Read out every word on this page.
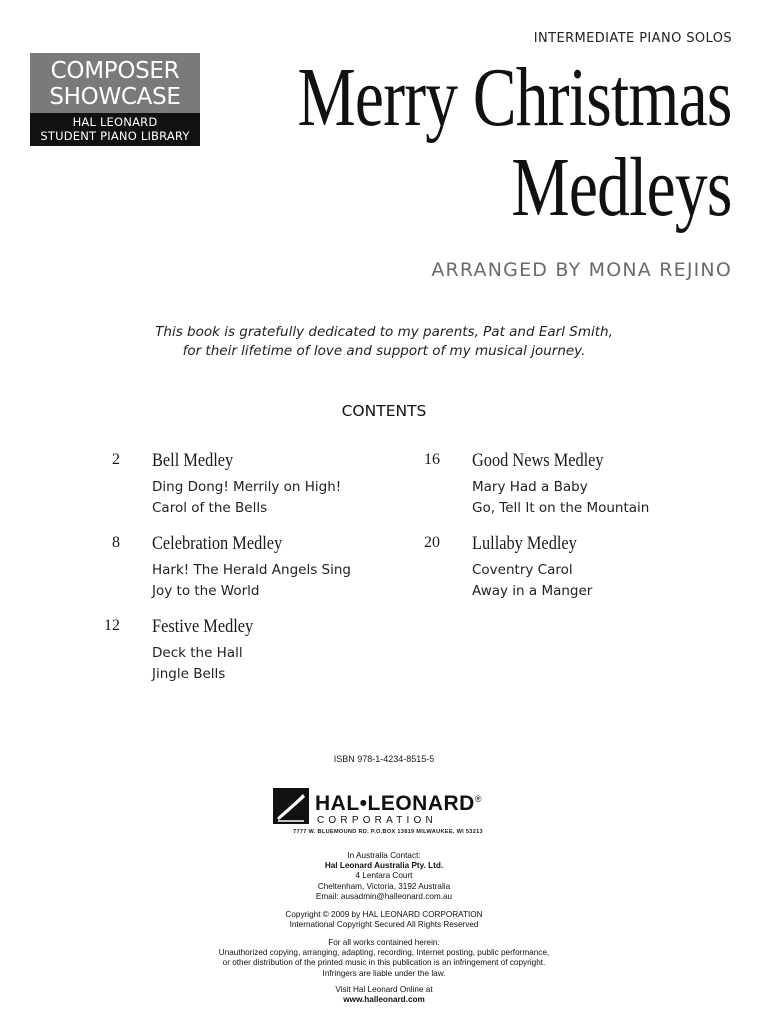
INTERMEDIATE PIANO SOLOS
COMPOSER
SHOWCASE
HAL LEONARD
STUDENT PIANO LIBRARY Merry Christmas
Medleys
ARRANGED BY MONA REJINO
This book is gratefully dedicated to my parents, Pat and Earl Smith,
for their lifetime of love and support of my musical journey.
CONTENTS
2 Bell Medley
Ding Dong! Merrily on High!
Carol of the Bells
8 Celebration Medley
Hark! The Herald Angels Sing
Joy to the World
12 Festive Medley
Deck the Hall
Jingle Bells
16 Good News Medley
Mary Had a Baby
Go, Tell It on the Mountain
20 Lullaby Medley
Coventry Carol
Away in a Manger
ISBN 978-1-4234-8515-5
HAL•LEONARD®
CORPORATION
7777 W. BLUEMOUND RD. P.O.BOX 13819 MILWAUKEE, WI 53213
In Australia Contact:
Hal Leonard Australia Pty. Ltd.
4 Lentara Court
Cheltenham, Victoria, 3192 Australia
Email: ausadmin@halleonard.com.au
Copyright © 2009 by HAL LEONARD CORPORATION
International Copyright Secured All Rights Reserved
For all works contained herein:
Unauthorized copying, arranging, adapting, recording, Internet posting, public performance,
or other distribution of the printed music in this publication is an infringement of copyright.
Infringers are liable under the law.
Visit Hal Leonard Online at
www.halleonard.com
